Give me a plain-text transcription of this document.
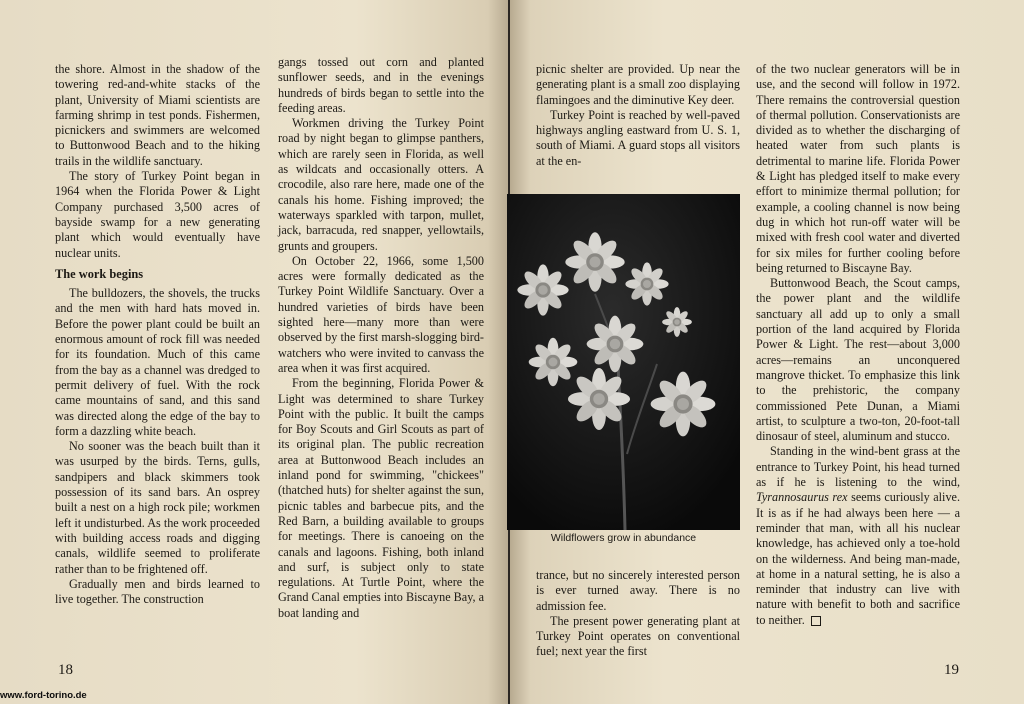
the shore. Almost in the shadow of the towering red-and-white stacks of the plant, University of Miami scientists are farming shrimp in test ponds. Fishermen, picnickers and swimmers are welcomed to Buttonwood Beach and to the hiking trails in the wildlife sanctuary.

The story of Turkey Point began in 1964 when the Florida Power & Light Company purchased 3,500 acres of bayside swamp for a new generating plant which would eventually have nuclear units.

The work begins

The bulldozers, the shovels, the trucks and the men with hard hats moved in. Before the power plant could be built an enormous amount of rock fill was needed for its foundation. Much of this came from the bay as a channel was dredged to permit delivery of fuel. With the rock came mountains of sand, and this sand was directed along the edge of the bay to form a dazzling white beach.

No sooner was the beach built than it was usurped by the birds. Terns, gulls, sandpipers and black skimmers took possession of its sand bars. An osprey built a nest on a high rock pile; workmen left it undisturbed. As the work proceeded with building access roads and digging canals, wildlife seemed to proliferate rather than to be frightened off.

Gradually men and birds learned to live together. The construction

gangs tossed out corn and planted sunflower seeds, and in the evenings hundreds of birds began to settle into the feeding areas.

Workmen driving the Turkey Point road by night began to glimpse panthers, which are rarely seen in Florida, as well as wildcats and occasionally otters. A crocodile, also rare here, made one of the canals his home. Fishing improved; the waterways sparkled with tarpon, mullet, jack, barracuda, red snapper, yellowtails, grunts and groupers.

On October 22, 1966, some 1,500 acres were formally dedicated as the Turkey Point Wildlife Sanctuary. Over a hundred varieties of birds have been sighted here—many more than were observed by the first marsh-slogging bird-watchers who were invited to canvass the area when it was first acquired.

From the beginning, Florida Power & Light was determined to share Turkey Point with the public. It built the camps for Boy Scouts and Girl Scouts as part of its original plan. The public recreation area at Buttonwood Beach includes an inland pond for swimming, "chickees" (thatched huts) for shelter against the sun, picnic tables and barbecue pits, and the Red Barn, a building available to groups for meetings. There is canoeing on the canals and lagoons. Fishing, both inland and surf, is subject only to state regulations. At Turtle Point, where the Grand Canal empties into Biscayne Bay, a boat landing and

18

picnic shelter are provided. Up near the generating plant is a small zoo displaying flamingoes and the diminutive Key deer.

Turkey Point is reached by well-paved highways angling eastward from U. S. 1, south of Miami. A guard stops all visitors at the en-

Wildflowers grow in abundance

trance, but no sincerely interested person is ever turned away. There is no admission fee.

The present power generating plant at Turkey Point operates on conventional fuel; next year the first

of the two nuclear generators will be in use, and the second will follow in 1972. There remains the controversial question of thermal pollution. Conservationists are divided as to whether the discharging of heated water from such plants is detrimental to marine life. Florida Power & Light has pledged itself to make every effort to minimize thermal pollution; for example, a cooling channel is now being dug in which hot run-off water will be mixed with fresh cool water and diverted for six miles for further cooling before being returned to Biscayne Bay.

Buttonwood Beach, the Scout camps, the power plant and the wildlife sanctuary all add up to only a small portion of the land acquired by Florida Power & Light. The rest—about 3,000 acres—remains an unconquered mangrove thicket. To emphasize this link to the prehistoric, the company commissioned Pete Dunan, a Miami artist, to sculpture a two-ton, 20-foot-tall dinosaur of steel, aluminum and stucco.

Standing in the wind-bent grass at the entrance to Turkey Point, his head turned as if he is listening to the wind, Tyrannosaurus rex seems curiously alive. It is as if he had always been here — a reminder that man, with all his nuclear knowledge, has achieved only a toe-hold on the wilderness. And being man-made, at home in a natural setting, he is also a reminder that industry can live with nature with benefit to both and sacrifice to neither.

19
www.ford-torino.de
